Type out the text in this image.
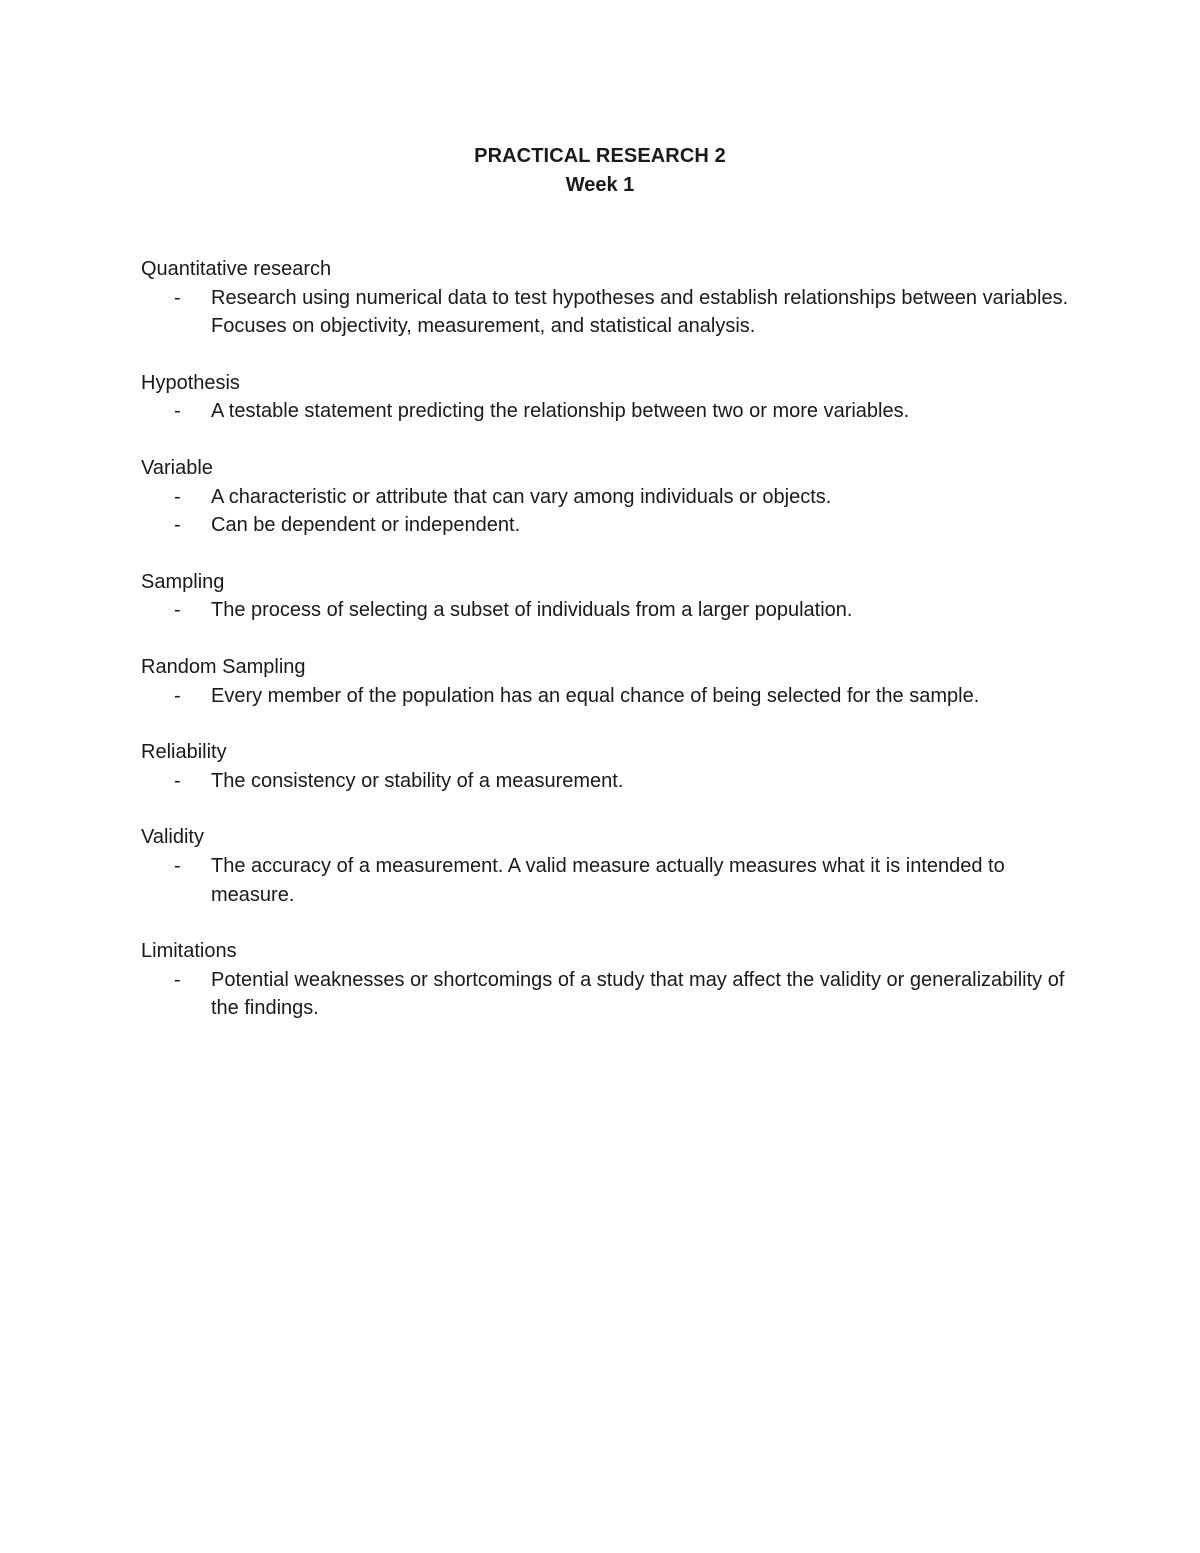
PRACTICAL RESEARCH 2
Week 1

Quantitative research

- Research using numerical data to test hypotheses and establish relationships between variables. Focuses on objectivity, measurement, and statistical analysis.

Hypothesis

- A testable statement predicting the relationship between two or more variables.

Variable

- A characteristic or attribute that can vary among individuals or objects.
- Can be dependent or independent.

Sampling

- The process of selecting a subset of individuals from a larger population.

Random Sampling

- Every member of the population has an equal chance of being selected for the sample.

Reliability

- The consistency or stability of a measurement.

Validity

- The accuracy of a measurement. A valid measure actually measures what it is intended to measure.

Limitations

- Potential weaknesses or shortcomings of a study that may affect the validity or generalizability of the findings.
